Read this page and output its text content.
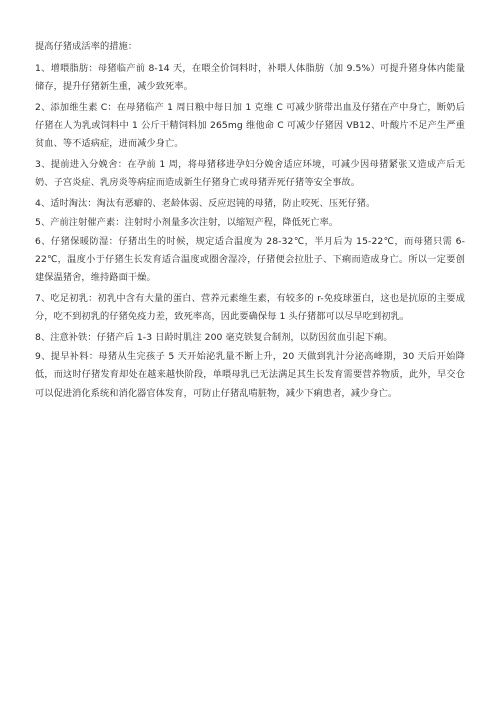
提高仔猪成活率的措施：

1、增喂脂肪：母猪临产前 8-14 天，在喂全价饲料时，补喂人体脂肪（加 9.5%）可提升猪身体内能量储存，提升仔猪新生重，减少致死率。

2、添加维生素 C：在母猪临产 1 周日粮中每日加 1 克维 C 可减少脐带出血及仔猪在产中身亡，断奶后仔猪在人为乳或饲料中 1 公斤干精饲料加 265mg 维他命 C 可减少仔猪因 VB12、叶酸片不足产生严重贫血、等不适病症，进而减少身亡。

3、提前进入分娩舍：在孕前 1 周，将母猪移进孕妇分娩舍适应环境，可减少因母猪紧张又造成产后无奶、子宫炎症、乳房炎等病症而造成新生仔猪身亡或母猪弄死仔猪等安全事故。

4、适时淘汰：淘汰有恶癖的、老龄体弱、反应迟钝的母猪，防止咬死、压死仔猪。

5、产前注射催产素：注射时小剂量多次注射，以缩短产程，降低死亡率。

6、仔猪保暖防湿：仔猪出生的时候，规定适合温度为 28-32℃，半月后为 15-22℃，而母猪只需 6-22℃，温度小于仔猪生长发育适合温度或圈舍湿冷，仔猪便会拉肚子、下痢而造成身亡。所以一定要创建保温猪舍，维持路面干燥。

7、吃足初乳：初乳中含有大量的蛋白、营养元素维生素，有较多的 r-免疫球蛋白，这也是抗原的主要成分，吃不到初乳的仔猪免疫力差，致死率高，因此要确保每 1 头仔猪都可以尽早吃到初乳。

8、注意补铁：仔猪产后 1-3 日龄时肌注 200 毫克铁复合制剂，以防因贫血引起下痢。

9、提早补料：母猪从生完孩子 5 天开始泌乳量不断上升，20 天做到乳汁分泌高峰期，30 天后开始降低，而这时仔猪发育却处在越来越快阶段，单喂母乳已无法满足其生长发育需要营养物质，此外，早交仓可以促进消化系统和消化器官体发育，可防止仔猪乱啃脏物，减少下痢患者，减少身亡。
